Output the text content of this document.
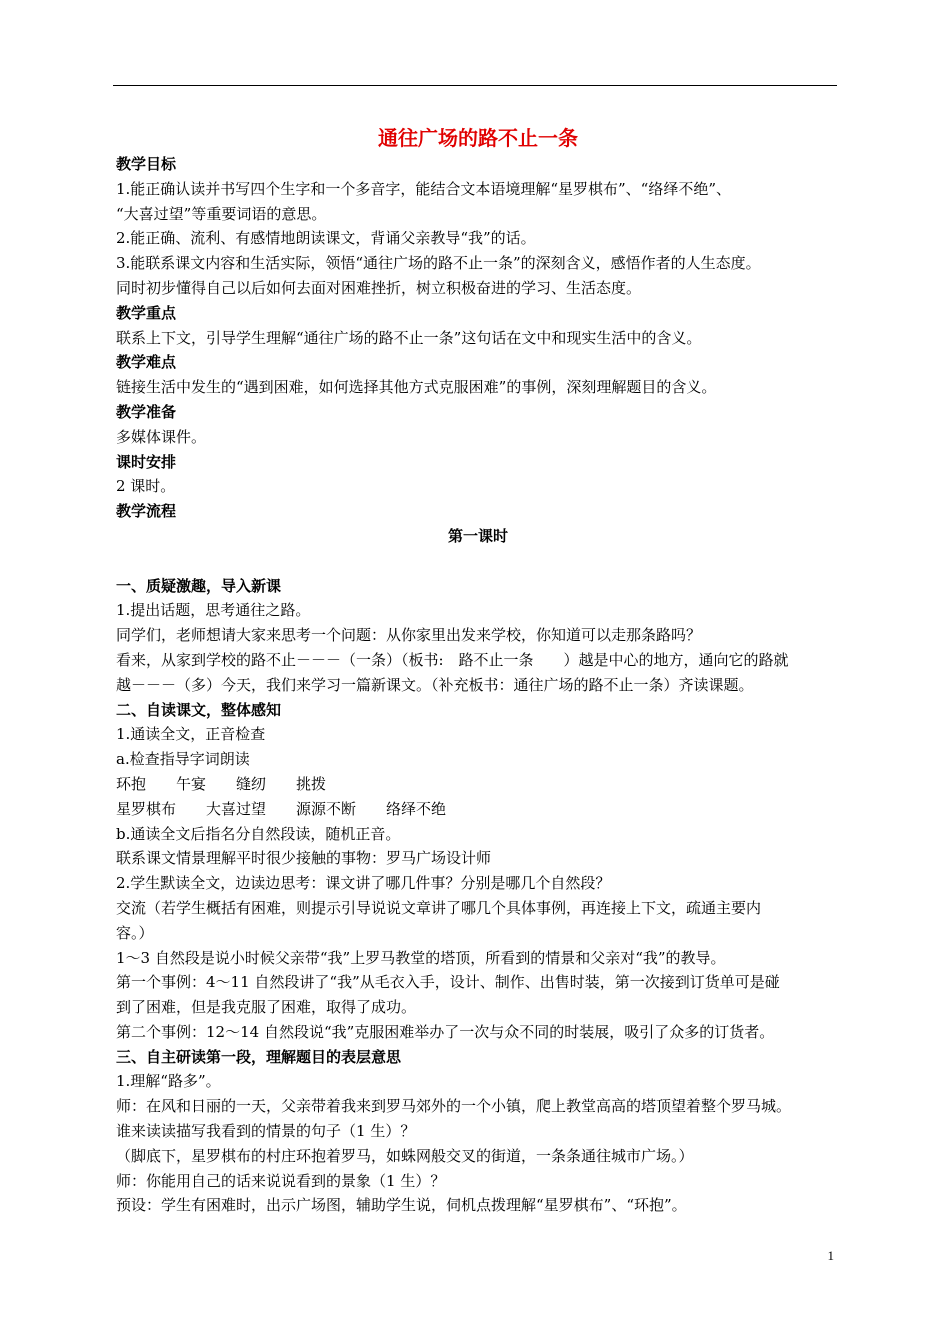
通往广场的路不止一条
教学目标
1.能正确认读并书写四个生字和一个多音字，能结合文本语境理解“星罗棋布”、“络绎不绝”、
“大喜过望”等重要词语的意思。
2.能正确、流利、有感情地朗读课文，背诵父亲教导“我”的话。
3.能联系课文内容和生活实际，领悟“通往广场的路不止一条”的深刻含义，感悟作者的人生态度。
同时初步懂得自己以后如何去面对困难挫折，树立积极奋进的学习、生活态度。
教学重点
联系上下文，引导学生理解“通往广场的路不止一条”这句话在文中和现实生活中的含义。
教学难点
链接生活中发生的“遇到困难，如何选择其他方式克服困难”的事例，深刻理解题目的含义。
教学准备
多媒体课件。
课时安排
2 课时。
教学流程
第一课时
一、质疑激趣，导入新课
1.提出话题，思考通往之路。
同学们，老师想请大家来思考一个问题：从你家里出发来学校，你知道可以走那条路吗？
看来，从家到学校的路不止－－－（一条）（板书:　路不止一条　　）越是中心的地方，通向它的路就
越－－－（多）今天，我们来学习一篇新课文。（补充板书：通往广场的路不止一条）齐读课题。
二、自读课文，整体感知
1.通读全文，正音检查
a.检查指导字词朗读
环抱　　午宴　　缝纫　　挑拨
星罗棋布　　大喜过望　　源源不断　　络绎不绝
b.通读全文后指名分自然段读，随机正音。
联系课文情景理解平时很少接触的事物：罗马广场设计师
2.学生默读全文，边读边思考：课文讲了哪几件事？分别是哪几个自然段？
交流（若学生概括有困难，则提示引导说说文章讲了哪几个具体事例，再连接上下文，疏通主要内
容。）
1～3 自然段是说小时候父亲带“我”上罗马教堂的塔顶，所看到的情景和父亲对“我”的教导。
第一个事例：4～11 自然段讲了“我”从毛衣入手，设计、制作、出售时装，第一次接到订货单可是碰
到了困难，但是我克服了困难，取得了成功。
第二个事例：12～14 自然段说“我”克服困难举办了一次与众不同的时装展，吸引了众多的订货者。
三、自主研读第一段，理解题目的表层意思
1.理解“路多”。
师：在风和日丽的一天，父亲带着我来到罗马郊外的一个小镇，爬上教堂高高的塔顶望着整个罗马城。
谁来读读描写我看到的情景的句子（1 生）？
（脚底下，星罗棋布的村庄环抱着罗马，如蛛网般交叉的街道，一条条通往城市广场。）
师：你能用自己的话来说说看到的景象（1 生）？
预设：学生有困难时，出示广场图，辅助学生说，伺机点拨理解“星罗棋布”、“环抱”。
1
